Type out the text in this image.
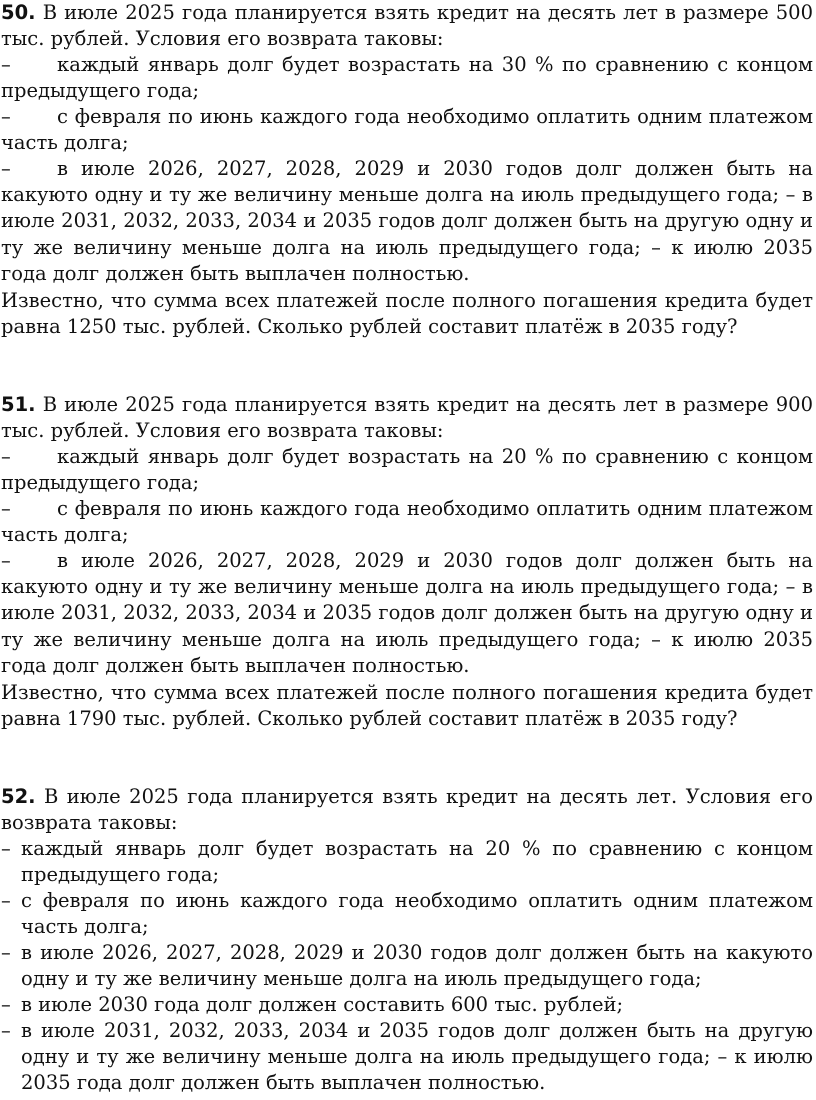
50. В июле 2025 года планируется взять кредит на десять лет в размере 500 тыс. рублей. Условия его возврата таковы:

– каждый январь долг будет возрастать на 30 % по сравнению с концом предыдущего года;

– с февраля по июнь каждого года необходимо оплатить одним платежом часть долга;

– в июле 2026, 2027, 2028, 2029 и 2030 годов долг должен быть на какуюто одну и ту же величину меньше долга на июль предыдущего года; – в июле 2031, 2032, 2033, 2034 и 2035 годов долг должен быть на другую одну и ту же величину меньше долга на июль предыдущего года; – к июлю 2035 года долг должен быть выплачен полностью.

Известно, что сумма всех платежей после полного погашения кредита будет равна 1250 тыс. рублей. Сколько рублей составит платёж в 2035 году?

51. В июле 2025 года планируется взять кредит на десять лет в размере 900 тыс. рублей. Условия его возврата таковы:

– каждый январь долг будет возрастать на 20 % по сравнению с концом предыдущего года;

– с февраля по июнь каждого года необходимо оплатить одним платежом часть долга;

– в июле 2026, 2027, 2028, 2029 и 2030 годов долг должен быть на какуюто одну и ту же величину меньше долга на июль предыдущего года; – в июле 2031, 2032, 2033, 2034 и 2035 годов долг должен быть на другую одну и ту же величину меньше долга на июль предыдущего года; – к июлю 2035 года долг должен быть выплачен полностью.

Известно, что сумма всех платежей после полного погашения кредита будет равна 1790 тыс. рублей. Сколько рублей составит платёж в 2035 году?

52. В июле 2025 года планируется взять кредит на десять лет. Условия его возврата таковы:

– каждый январь долг будет возрастать на 20 % по сравнению с концом предыдущего года;

– с февраля по июнь каждого года необходимо оплатить одним платежом часть долга;

– в июле 2026, 2027, 2028, 2029 и 2030 годов долг должен быть на какуюто одну и ту же величину меньше долга на июль предыдущего года;

– в июле 2030 года долг должен составить 600 тыс. рублей;

– в июле 2031, 2032, 2033, 2034 и 2035 годов долг должен быть на другую одну и ту же величину меньше долга на июль предыдущего года; – к июлю 2035 года долг должен быть выплачен полностью.
